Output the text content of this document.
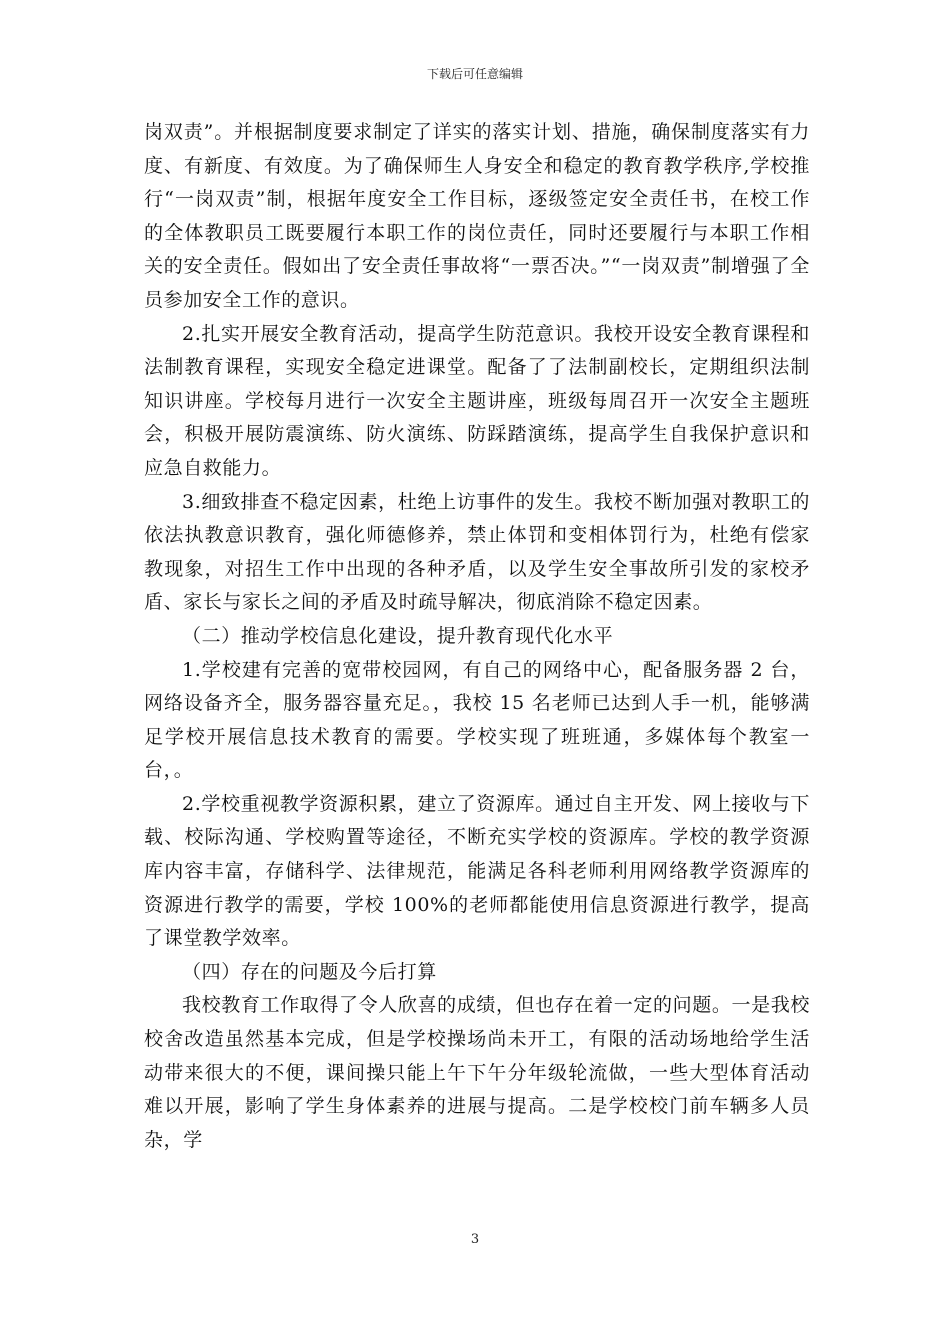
下载后可任意编辑

岗双责”。并根据制度要求制定了详实的落实计划、措施，确保制度落实有力度、有新度、有效度。为了确保师生人身安全和稳定的教育教学秩序,学校推行“一岗双责”制，根据年度安全工作目标，逐级签定安全责任书，在校工作的全体教职员工既要履行本职工作的岗位责任，同时还要履行与本职工作相关的安全责任。假如出了安全责任事故将“一票否决。”“一岗双责”制增强了全员参加安全工作的意识。

2.扎实开展安全教育活动，提高学生防范意识。我校开设安全教育课程和法制教育课程，实现安全稳定进课堂。配备了了法制副校长，定期组织法制知识讲座。学校每月进行一次安全主题讲座，班级每周召开一次安全主题班会，积极开展防震演练、防火演练、防踩踏演练，提高学生自我保护意识和应急自救能力。

3.细致排查不稳定因素，杜绝上访事件的发生。我校不断加强对教职工的依法执教意识教育，强化师德修养，禁止体罚和变相体罚行为，杜绝有偿家教现象，对招生工作中出现的各种矛盾，以及学生安全事故所引发的家校矛盾、家长与家长之间的矛盾及时疏导解决，彻底消除不稳定因素。

（二）推动学校信息化建设，提升教育现代化水平

1.学校建有完善的宽带校园网，有自己的网络中心，配备服务器 2 台，网络设备齐全，服务器容量充足。，我校 15 名老师已达到人手一机，能够满足学校开展信息技术教育的需要。学校实现了班班通，多媒体每个教室一台，。

2.学校重视教学资源积累，建立了资源库。通过自主开发、网上接收与下载、校际沟通、学校购置等途径，不断充实学校的资源库。学校的教学资源库内容丰富，存储科学、法律规范，能满足各科老师利用网络教学资源库的资源进行教学的需要，学校 100%的老师都能使用信息资源进行教学，提高了课堂教学效率。

（四）存在的问题及今后打算

我校教育工作取得了令人欣喜的成绩，但也存在着一定的问题。一是我校校舍改造虽然基本完成，但是学校操场尚未开工，有限的活动场地给学生活动带来很大的不便，课间操只能上午下午分年级轮流做，一些大型体育活动难以开展，影响了学生身体素养的进展与提高。二是学校校门前车辆多人员杂，学

3
